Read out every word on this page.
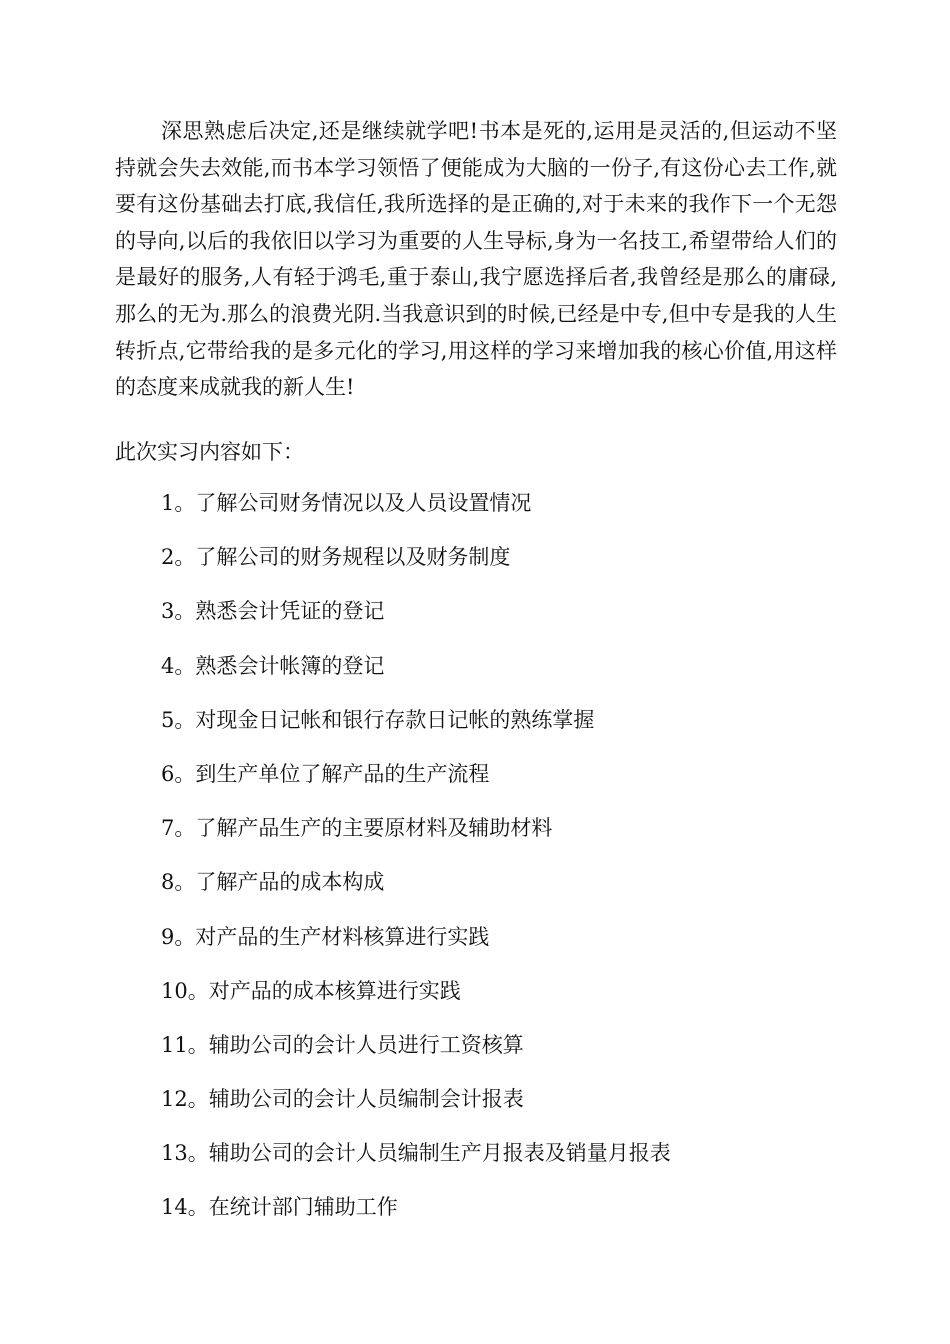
深思熟虑后决定,还是继续就学吧!书本是死的,运用是灵活的,但运动不坚持就会失去效能,而书本学习领悟了便能成为大脑的一份子,有这份心去工作,就要有这份基础去打底,我信任,我所选择的是正确的,对于未来的我作下一个无怨的导向,以后的我依旧以学习为重要的人生导标,身为一名技工,希望带给人们的是最好的服务,人有轻于鸿毛,重于泰山,我宁愿选择后者,我曾经是那么的庸碌,那么的无为.那么的浪费光阴.当我意识到的时候,已经是中专,但中专是我的人生转折点,它带给我的是多元化的学习,用这样的学习来增加我的核心价值,用这样的态度来成就我的新人生!

此次实习内容如下：

1。了解公司财务情况以及人员设置情况
2。了解公司的财务规程以及财务制度
3。熟悉会计凭证的登记
4。熟悉会计帐簿的登记
5。对现金日记帐和银行存款日记帐的熟练掌握
6。到生产单位了解产品的生产流程
7。了解产品生产的主要原材料及辅助材料
8。了解产品的成本构成
9。对产品的生产材料核算进行实践
10。对产品的成本核算进行实践
11。辅助公司的会计人员进行工资核算
12。辅助公司的会计人员编制会计报表
13。辅助公司的会计人员编制生产月报表及销量月报表
14。在统计部门辅助工作
